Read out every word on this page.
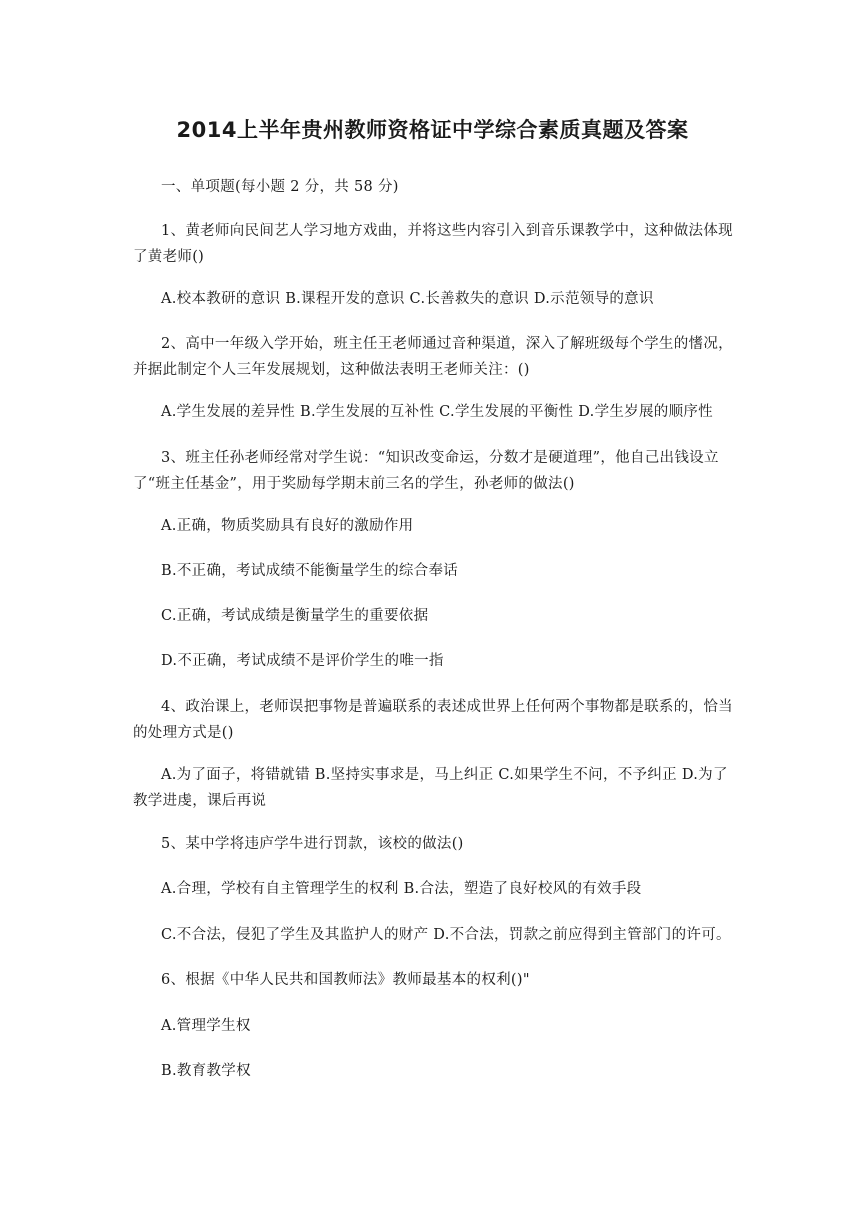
2014上半年贵州教师资格证中学综合素质真题及答案

一、单项题(每小题 2 分，共 58 分)

1、黄老师向民间艺人学习地方戏曲，并将这些内容引入到音乐课教学中，这种做法体现了黄老师()

A.校本教研的意识 B.课程开发的意识 C.长善救失的意识 D.示范领导的意识

2、高中一年级入学开始，班主任王老师通过音种渠道，深入了解班级每个学生的愭况，并据此制定个人三年发展规划，这种做法表明王老师关注：()

A.学生发展的差异性 B.学生发展的互补性 C.学生发展的平衡性 D.学生岁展的顺序性

3、班主任孙老师经常对学生说：“知识改变命运，分数才是硬道理”，他自己出钱设立了“班主任基金”，用于奖励每学期末前三名的学生，孙老师的做法()

A.正确，物质奖励具有良好的激励作用

B.不正确，考试成绩不能衡量学生的综合奉话

C.正确，考试成绩是衡量学生的重要依据

D.不正确，考试成绩不是评价学生的唯一指

4、政治课上，老师误把事物是普遍联系的表述成世界上任何两个事物都是联系的，恰当的处理方式是()

A.为了面子，将错就错 B.坚持实事求是，马上纠正 C.如果学生不问，不予纠正 D.为了教学进虔，课后再说

5、某中学将违庐学牛进行罚款，该校的做法()

A.合理，学校有自主管理学生的权利 B.合法，塑造了良好校风的有效手段

C.不合法，侵犯了学生及其监护人的财产 D.不合法，罚款之前应得到主管部门的许可。

6、根据《中华人民共和国教师法》教师最基本的权利()"

A.管理学生权

B.教育教学权
